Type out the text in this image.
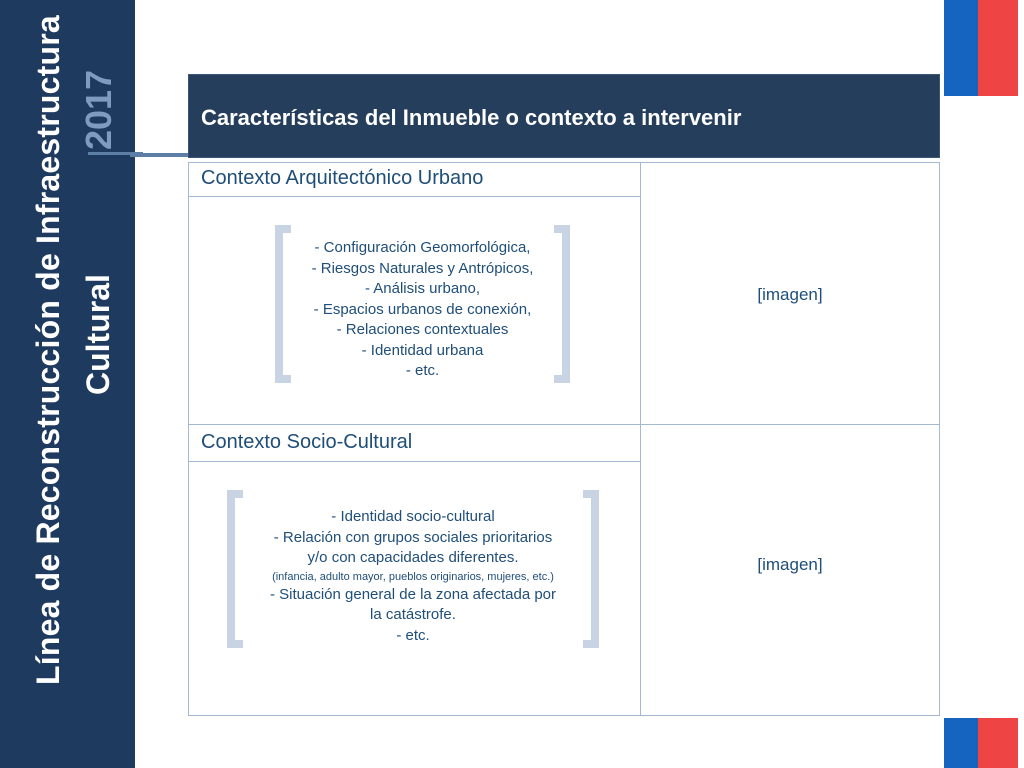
Línea de Reconstrucción de Infraestructura Cultural
2017	Características del Inmueble o contexto a intervenir
Contexto Arquitectónico Urbano
- Configuración Geomorfológica,
- Riesgos Naturales y Antrópicos,
- Análisis urbano,
- Espacios urbanos de conexión,
- Relaciones contextuales
- Identidad urbana
- etc.
[imagen]
Contexto Socio-Cultural
- Identidad socio-cultural
- Relación con grupos sociales prioritarios
y/o con capacidades diferentes.
(infancia, adulto mayor, pueblos originarios, mujeres, etc.)
- Situación general de la zona afectada por
la catástrofe.
- etc.
[imagen]
